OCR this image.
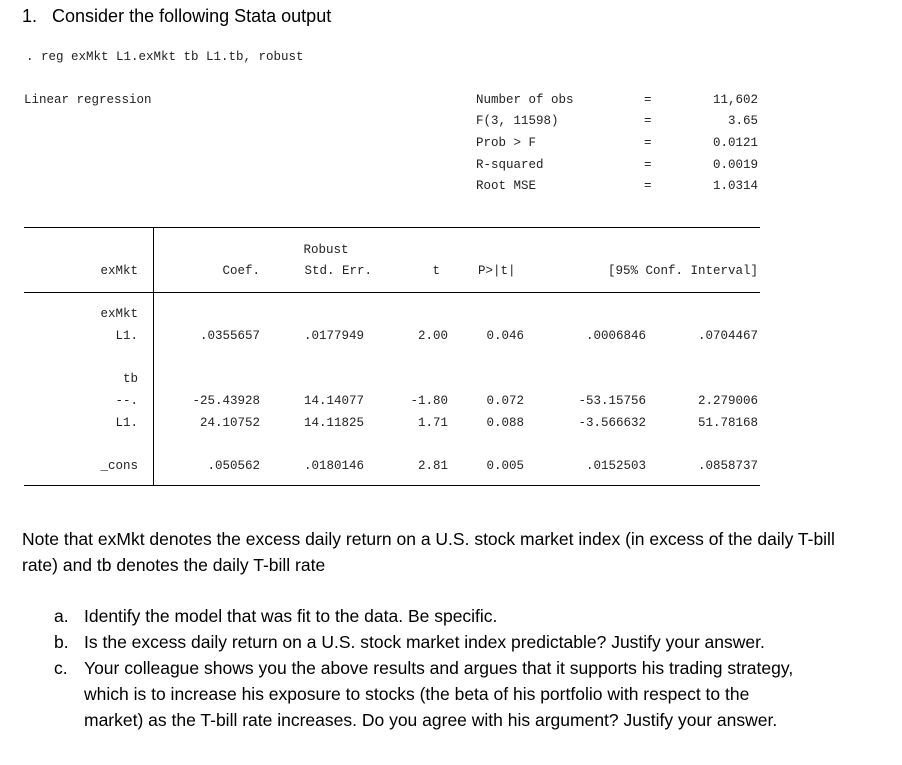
1. Consider the following Stata output
. reg exMkt L1.exMkt tb L1.tb, robust
Linear regression	Number of obs	=	11,602
F(3, 11598)	=	3.65
Prob > F	=	0.0121
R-squared	=	0.0019
Root MSE	=	1.0314
Robust
exMkt	Coef.	Std. Err.	t	P>|t|	[95% Conf. Interval]
exMkt
L1.	.0355657	.0177949	2.00	0.046	.0006846	.0704467
tb
--.	-25.43928	14.14077	-1.80	0.072	-53.15756	2.279006
L1.	24.10752	14.11825	1.71	0.088	-3.566632	51.78168
_cons	.050562	.0180146	2.81	0.005	.0152503	.0858737
Note that exMkt denotes the excess daily return on a U.S. stock market index (in excess of the daily T-bill rate) and tb denotes the daily T-bill rate
a. Identify the model that was fit to the data. Be specific.
b. Is the excess daily return on a U.S. stock market index predictable? Justify your answer.
c. Your colleague shows you the above results and argues that it supports his trading strategy, which is to increase his exposure to stocks (the beta of his portfolio with respect to the market) as the T-bill rate increases. Do you agree with his argument? Justify your answer.
